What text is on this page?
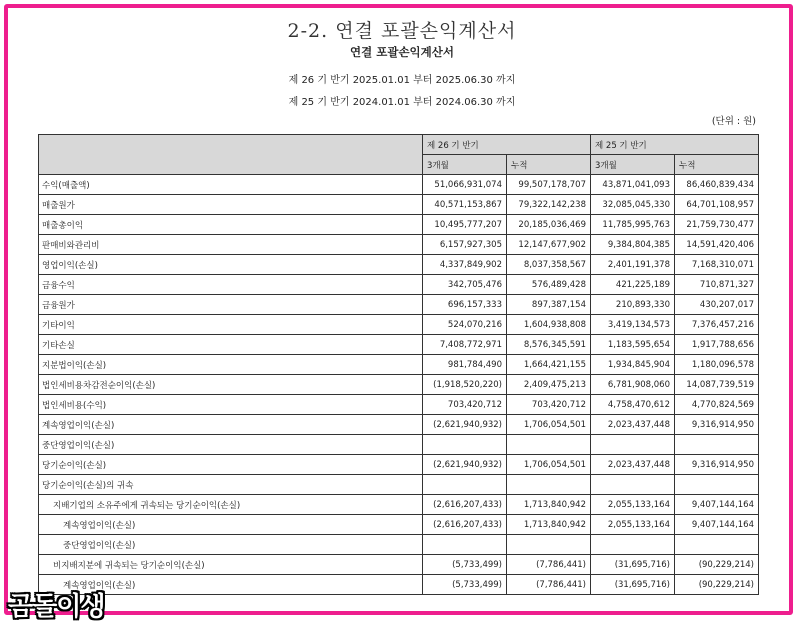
2-2. 연결 포괄손익계산서
연결 포괄손익계산서
제 26 기 반기 2025.01.01 부터 2025.06.30 까지
제 25 기 반기 2024.01.01 부터 2024.06.30 까지
(단위 : 원)
	제 26 기 반기		제 25 기 반기	
	3개월	누적	3개월	누적
수익(매출액)	51,066,931,074	99,507,178,707	43,871,041,093	86,460,839,434
매출원가	40,571,153,867	79,322,142,238	32,085,045,330	64,701,108,957
매출총이익	10,495,777,207	20,185,036,469	11,785,995,763	21,759,730,477
판매비와관리비	6,157,927,305	12,147,677,902	9,384,804,385	14,591,420,406
영업이익(손실)	4,337,849,902	8,037,358,567	2,401,191,378	7,168,310,071
금융수익	342,705,476	576,489,428	421,225,189	710,871,327
금융원가	696,157,333	897,387,154	210,893,330	430,207,017
기타이익	524,070,216	1,604,938,808	3,419,134,573	7,376,457,216
기타손실	7,408,772,971	8,576,345,591	1,183,595,654	1,917,788,656
지분법이익(손실)	981,784,490	1,664,421,155	1,934,845,904	1,180,096,578
법인세비용차감전순이익(손실)	(1,918,520,220)	2,409,475,213	6,781,908,060	14,087,739,519
법인세비용(수익)	703,420,712	703,420,712	4,758,470,612	4,770,824,569
계속영업이익(손실)	(2,621,940,932)	1,706,054,501	2,023,437,448	9,316,914,950
중단영업이익(손실)				
당기순이익(손실)	(2,621,940,932)	1,706,054,501	2,023,437,448	9,316,914,950
당기순이익(손실)의 귀속				
지배기업의 소유주에게 귀속되는 당기순이익(손실)	(2,616,207,433)	1,713,840,942	2,055,133,164	9,407,144,164
계속영업이익(손실)	(2,616,207,433)	1,713,840,942	2,055,133,164	9,407,144,164
중단영업이익(손실)				
비지배지분에 귀속되는 당기순이익(손실)	(5,733,499)	(7,786,441)	(31,695,716)	(90,229,214)
계속영업이익(손실)	(5,733,499)	(7,786,441)	(31,695,716)	(90,229,214)
곰돌이생
